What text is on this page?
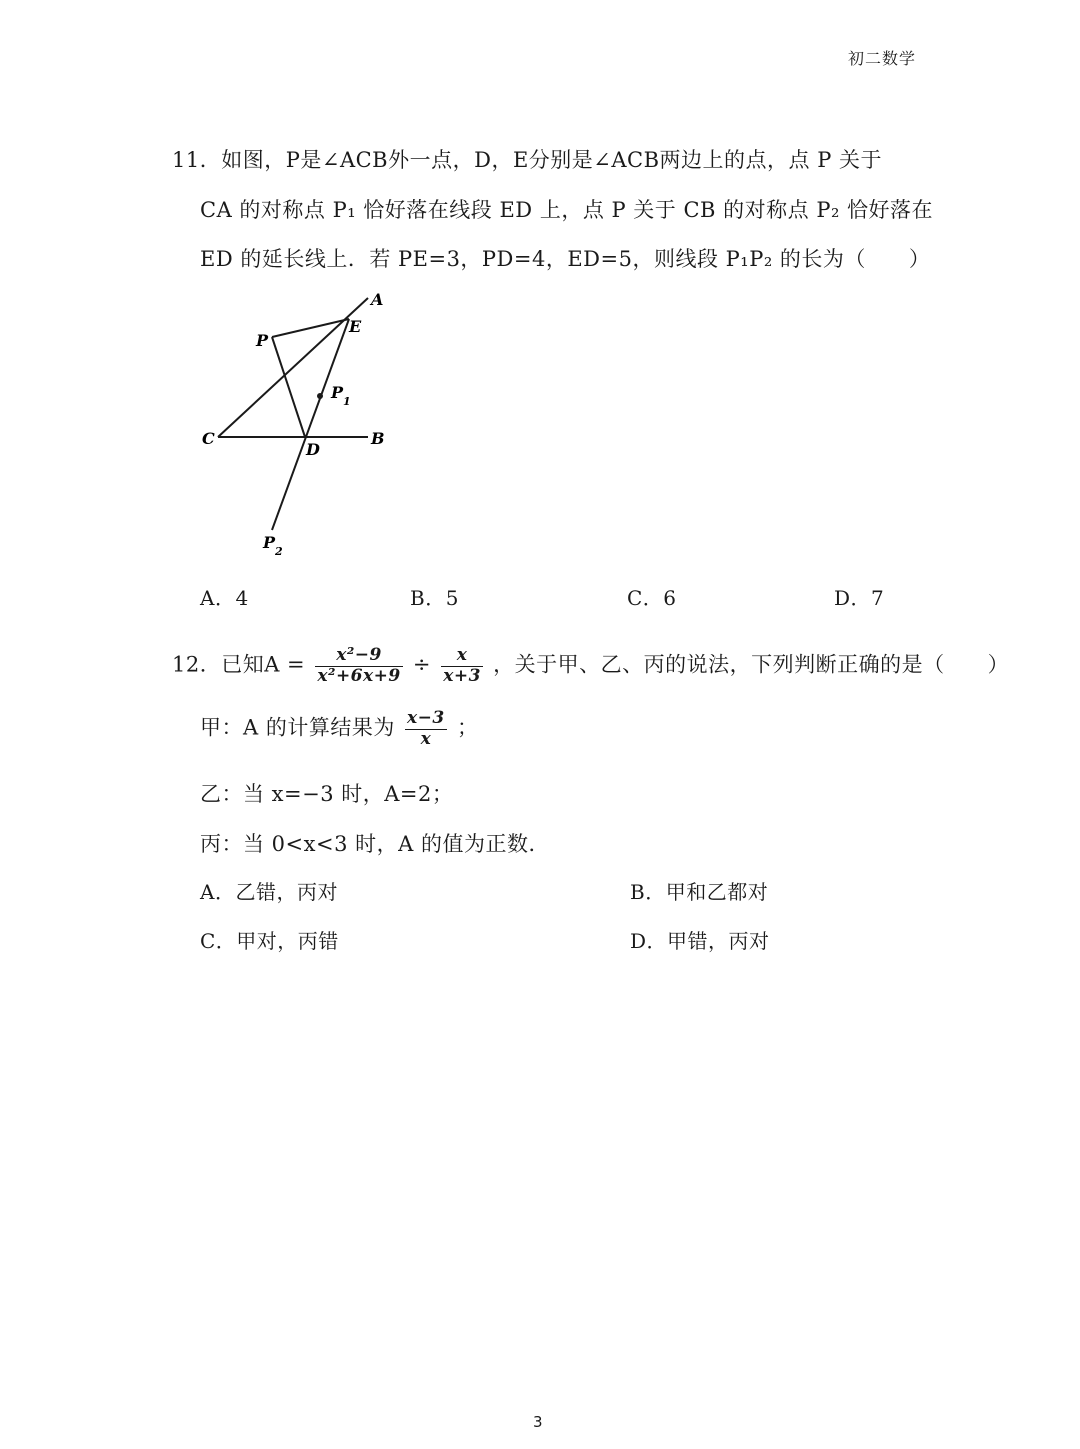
初二数学
11．如图，P是∠ACB外一点，D，E分别是∠ACB两边上的点，点 P 关于
CA 的对称点 P₁ 恰好落在线段 ED 上，点 P 关于 CB 的对称点 P₂ 恰好落在
ED 的延长线上．若 PE=3，PD=4，ED=5，则线段 P₁P₂ 的长为（　　）
A
E
P
P 1
C
D
B
P 2
A．4	B．5	C．6	D．7
12．已知$A = \frac{\text{x²−9}}{\text{x²+6x+9}} \div \frac{x}{x+3}$ ，关于甲、乙、丙的说法，下列判断正确的是（　　）
甲：A 的计算结果为 $\frac{x-3}{x}$ ；
乙：当 x=−3 时，A=2；
丙：当 0<x<3 时，A 的值为正数．
A．乙错，丙对	B．甲和乙都对
C．甲对，丙错	D．甲错，丙对
3
